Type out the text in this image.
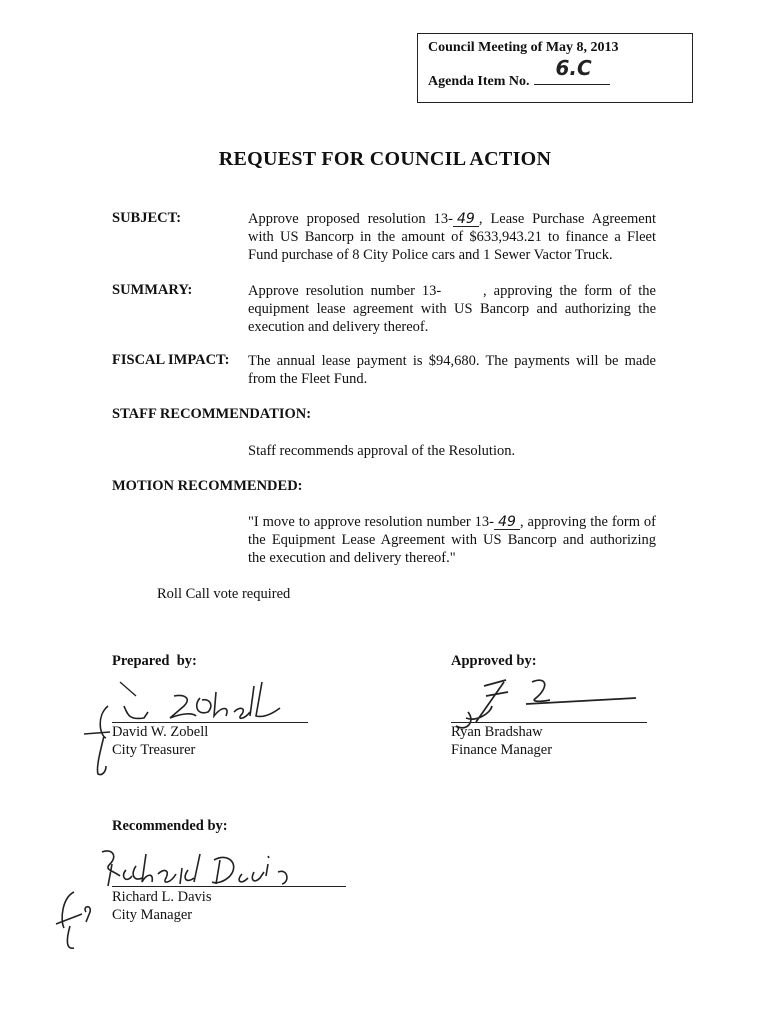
Council Meeting of May 8, 2013
Agenda Item No.
6.C
REQUEST FOR COUNCIL ACTION
SUBJECT:	Approve proposed resolution 13- 49 , Lease Purchase Agreement with US Bancorp in the amount of $633,943.21 to finance a Fleet Fund purchase of 8 City Police cars and 1 Sewer Vactor Truck.
SUMMARY:	Approve resolution number 13-      , approving the form of the equipment lease agreement with US Bancorp and authorizing the execution and delivery thereof.
FISCAL IMPACT: The annual lease payment is $94,680. The payments will be made from the Fleet Fund.
STAFF RECOMMENDATION:
Staff recommends approval of the Resolution.
MOTION RECOMMENDED:
"I move to approve resolution number 13- 49 , approving the form of the Equipment Lease Agreement with US Bancorp and authorizing the execution and delivery thereof."
Roll Call vote required
Prepared  by:
David W. Zobell
City Treasurer
Approved by:
Ryan Bradshaw
Finance Manager
Recommended by:
Richard L. Davis
City Manager
